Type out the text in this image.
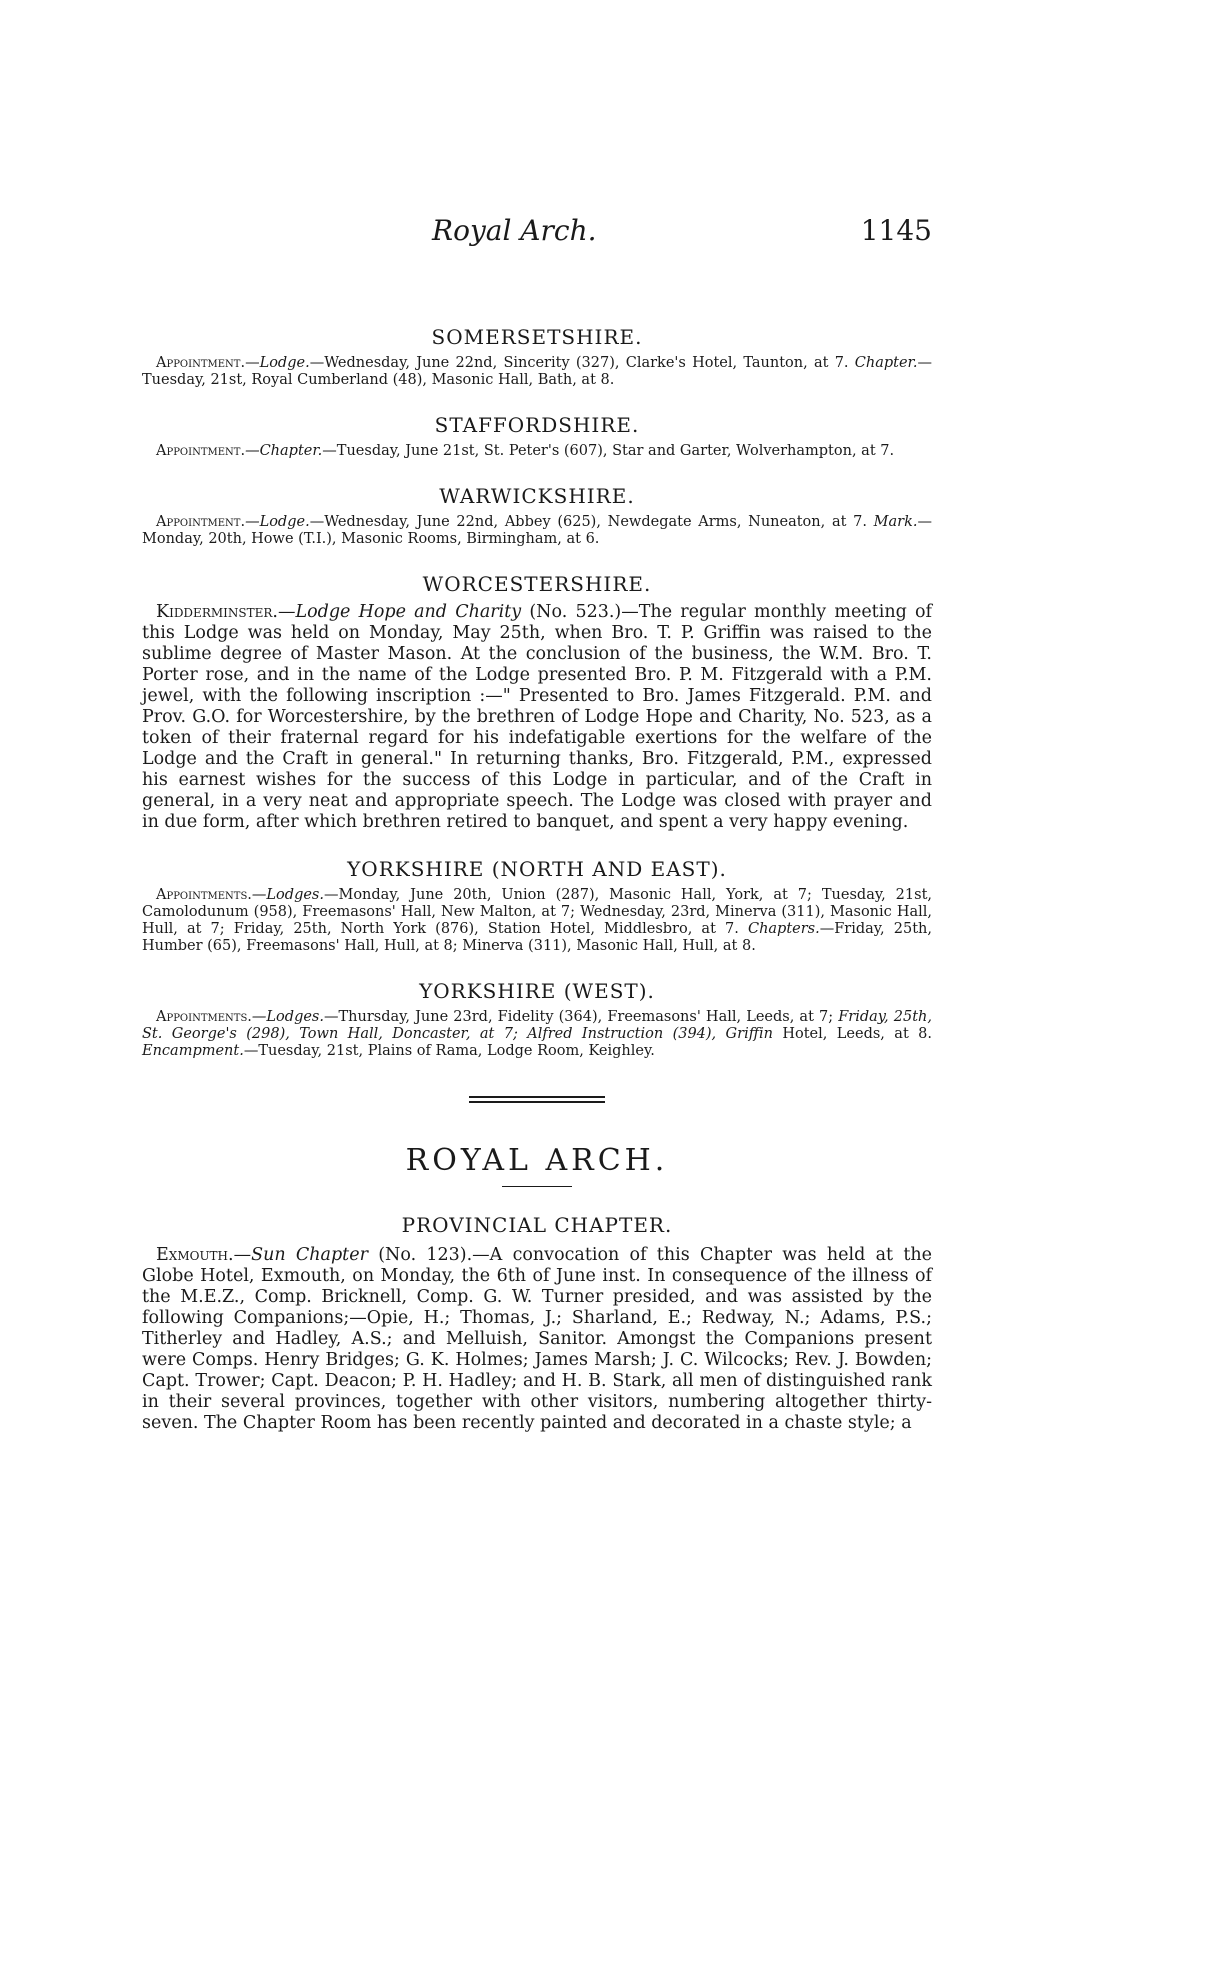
Royal Arch.	1145
SOMERSETSHIRE.

Appointment.—Lodge.—Wednesday, June 22nd, Sincerity (327), Clarke's Hotel, Taunton, at 7. Chapter.—Tuesday, 21st, Royal Cumberland (48), Masonic Hall, Bath, at 8.

STAFFORDSHIRE.

Appointment.—Chapter.—Tuesday, June 21st, St. Peter's (607), Star and Garter, Wolverhampton, at 7.

WARWICKSHIRE.

Appointment.—Lodge.—Wednesday, June 22nd, Abbey (625), Newdegate Arms, Nuneaton, at 7. Mark.—Monday, 20th, Howe (T.I.), Masonic Rooms, Birmingham, at 6.

WORCESTERSHIRE.

Kidderminster.—Lodge Hope and Charity (No. 523.)—The regular monthly meeting of this Lodge was held on Monday, May 25th, when Bro. T. P. Griffin was raised to the sublime degree of Master Mason. At the conclusion of the business, the W.M. Bro. T. Porter rose, and in the name of the Lodge presented Bro. P. M. Fitzgerald with a P.M. jewel, with the following inscription :—" Presented to Bro. James Fitzgerald. P.M. and Prov. G.O. for Worcestershire, by the brethren of Lodge Hope and Charity, No. 523, as a token of their fraternal regard for his indefatigable exertions for the welfare of the Lodge and the Craft in general." In returning thanks, Bro. Fitzgerald, P.M., expressed his earnest wishes for the success of this Lodge in particular, and of the Craft in general, in a very neat and appropriate speech. The Lodge was closed with prayer and in due form, after which brethren retired to banquet, and spent a very happy evening.

YORKSHIRE (NORTH AND EAST).

Appointments.—Lodges.—Monday, June 20th, Union (287), Masonic Hall, York, at 7; Tuesday, 21st, Camolodunum (958), Freemasons' Hall, New Malton, at 7; Wednesday, 23rd, Minerva (311), Masonic Hall, Hull, at 7; Friday, 25th, North York (876), Station Hotel, Middlesbro, at 7. Chapters.—Friday, 25th, Humber (65), Freemasons' Hall, Hull, at 8; Minerva (311), Masonic Hall, Hull, at 8.

YORKSHIRE (WEST).

Appointments.—Lodges.—Thursday, June 23rd, Fidelity (364), Freemasons' Hall, Leeds, at 7; Friday, 25th, St. George's (298), Town Hall, Doncaster, at 7; Alfred Instruction (394), Griffin Hotel, Leeds, at 8. Encampment.—Tuesday, 21st, Plains of Rama, Lodge Room, Keighley.

ROYAL ARCH.
PROVINCIAL CHAPTER.

Exmouth.—Sun Chapter (No. 123).—A convocation of this Chapter was held at the Globe Hotel, Exmouth, on Monday, the 6th of June inst. In consequence of the illness of the M.E.Z., Comp. Bricknell, Comp. G. W. Turner presided, and was assisted by the following Companions;—Opie, H.; Thomas, J.; Sharland, E.; Redway, N.; Adams, P.S.; Titherley and Hadley, A.S.; and Melluish, Sanitor. Amongst the Companions present were Comps. Henry Bridges; G. K. Holmes; James Marsh; J. C. Wilcocks; Rev. J. Bowden; Capt. Trower; Capt. Deacon; P. H. Hadley; and H. B. Stark, all men of distinguished rank in their several provinces, together with other visitors, numbering altogether thirty-seven. The Chapter Room has been recently painted and decorated in a chaste style; a
